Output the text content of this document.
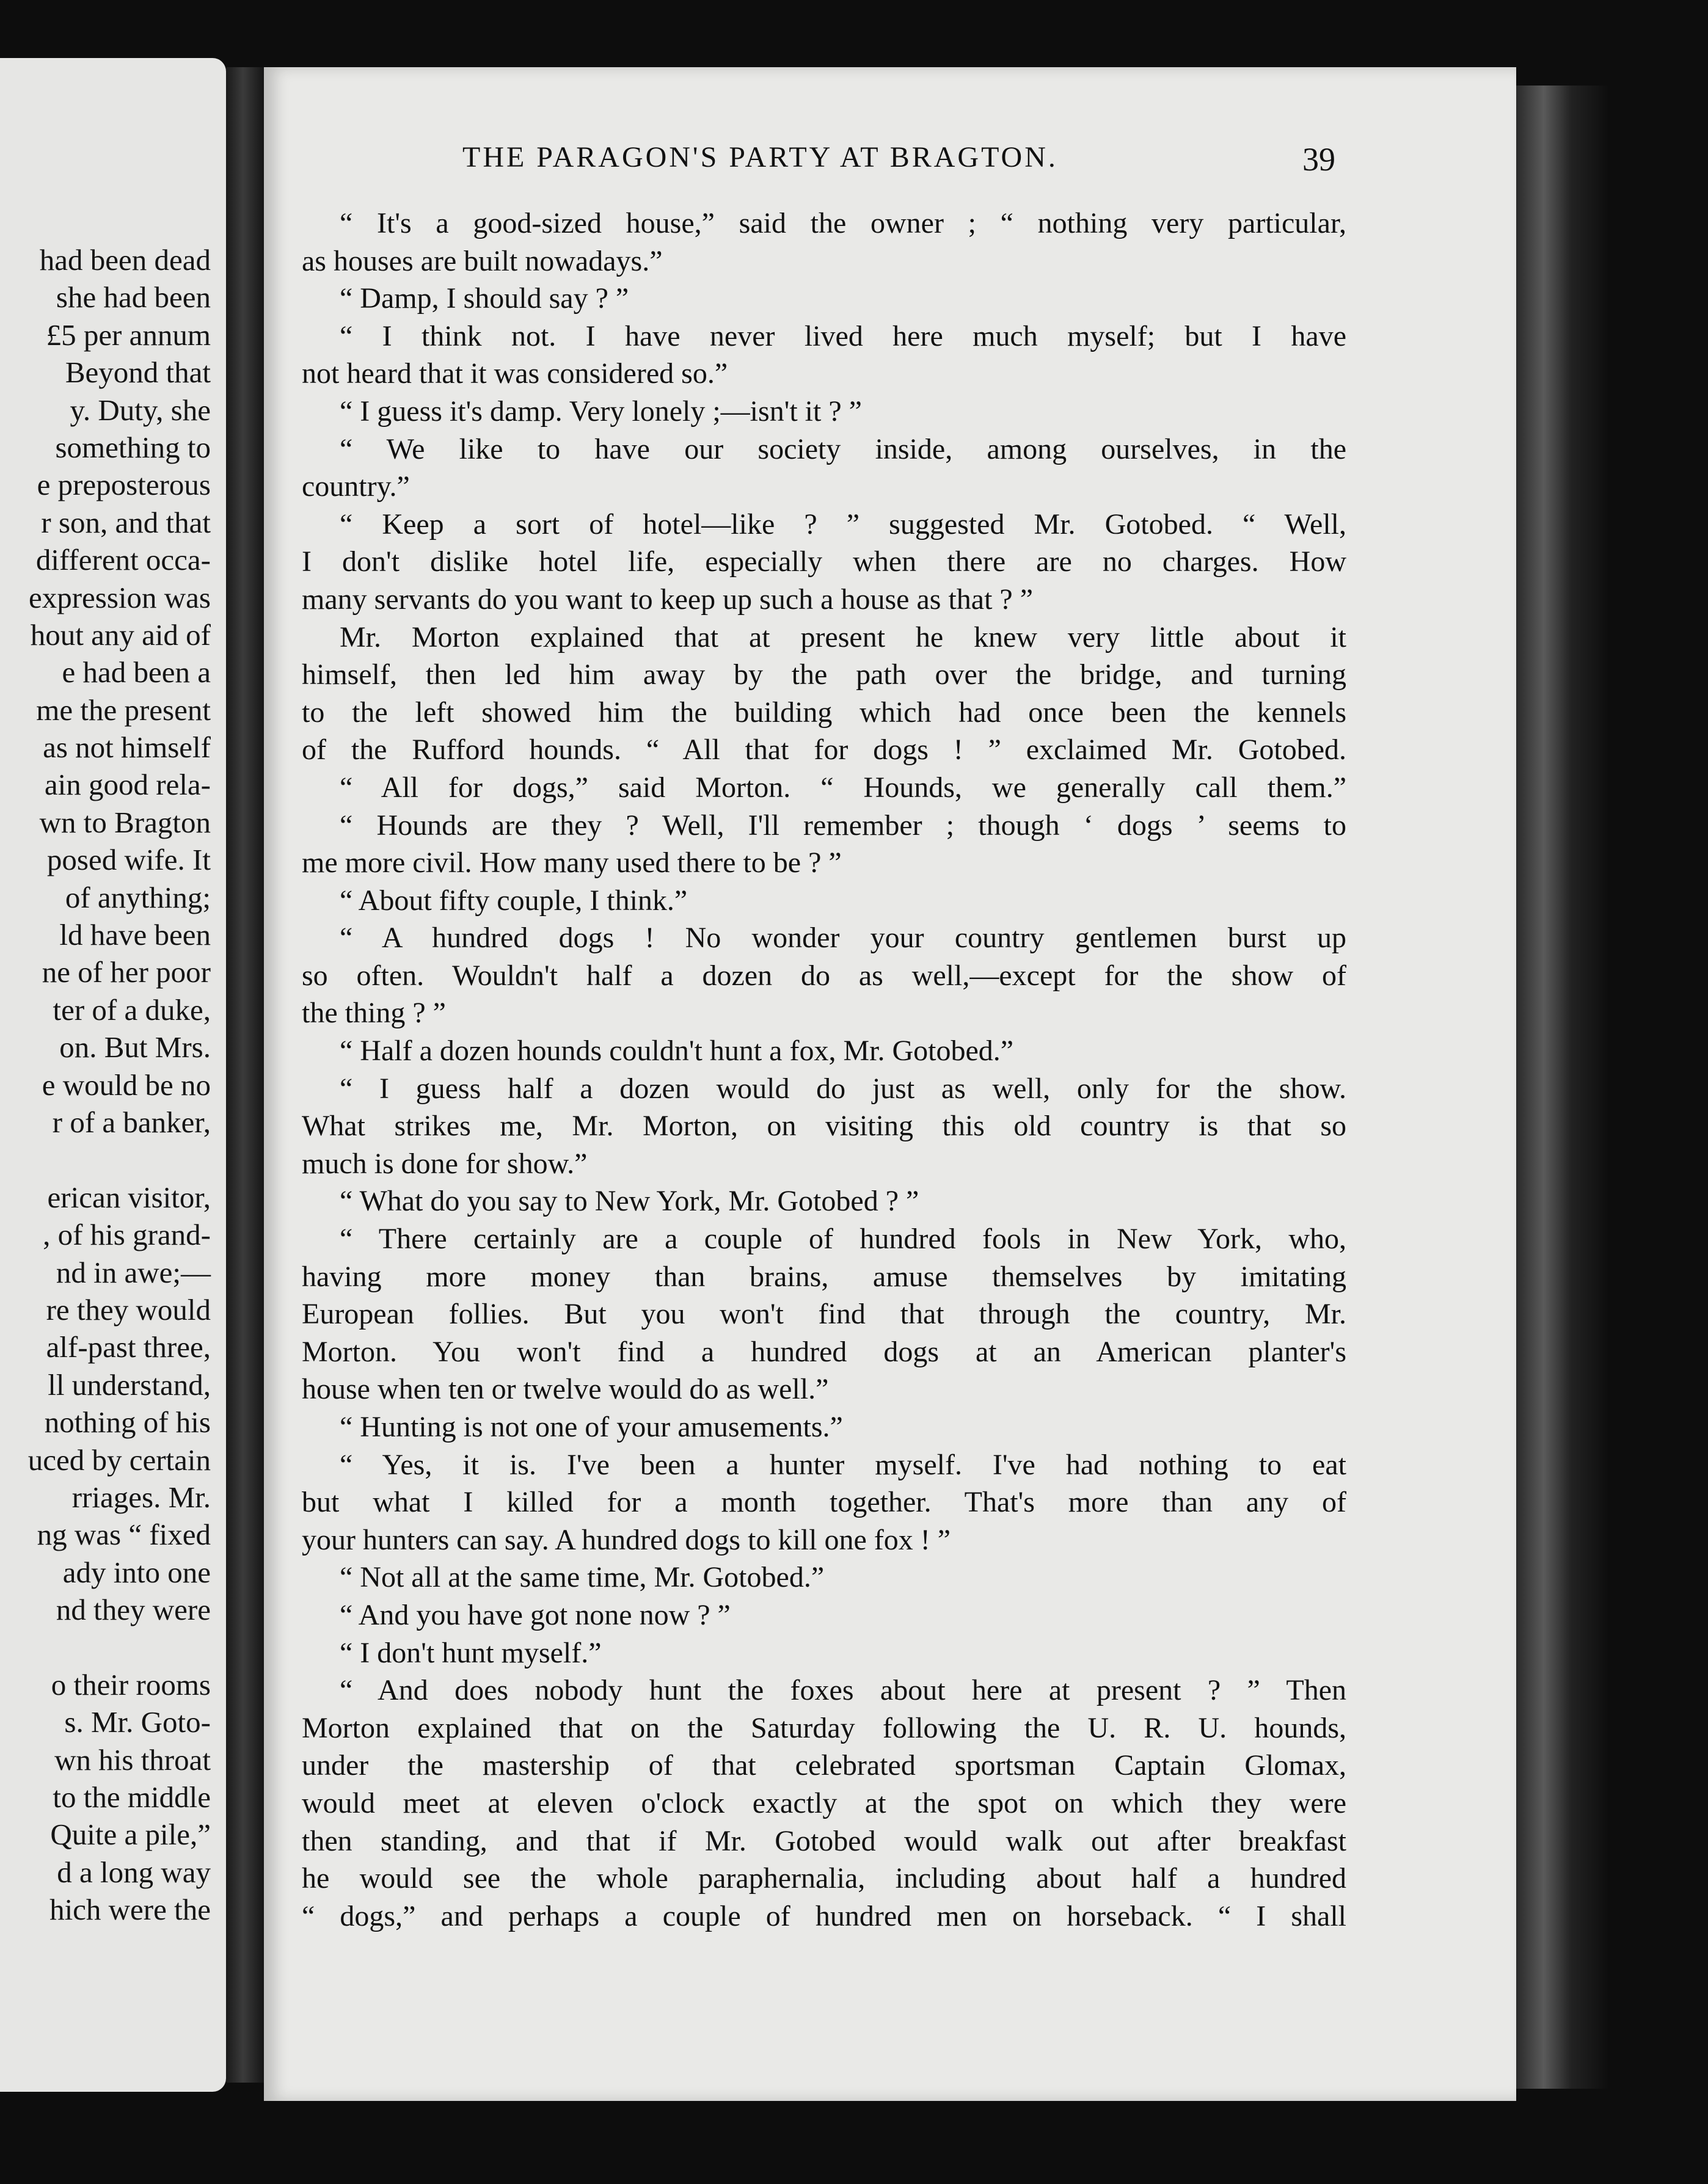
had been dead
she had been
£5 per annum
Beyond that
y. Duty, she
something to
e preposterous
r son, and that
different occa-
expression was
hout any aid of
e had been a
me the present
as not himself
ain good rela-
wn to Bragton
posed wife. It
of anything;
ld have been
ne of her poor
ter of a duke,
on. But Mrs.
e would be no
r of a banker,
erican visitor,
, of his grand-
nd in awe;—
re they would
alf-past three,
ll understand,
nothing of his
uced by certain
rriages. Mr.
ng was “ fixed
ady into one
nd they were
o their rooms
s. Mr. Goto-
wn his throat
to the middle
Quite a pile,”
d a long way
hich were the
THE PARAGON'S PARTY AT BRAGTON.	39
“ It's a good-sized house,” said the owner ; “ nothing very particular,
as houses are built nowadays.”
“ Damp, I should say ? ”
“ I think not. I have never lived here much myself; but I have
not heard that it was considered so.”
“ I guess it's damp. Very lonely ;—isn't it ? ”
“ We like to have our society inside, among ourselves, in the
country.”
“ Keep a sort of hotel—like ? ” suggested Mr. Gotobed. “ Well,
I don't dislike hotel life, especially when there are no charges. How
many servants do you want to keep up such a house as that ? ”
Mr. Morton explained that at present he knew very little about it
himself, then led him away by the path over the bridge, and turning
to the left showed him the building which had once been the kennels
of the Rufford hounds. “ All that for dogs ! ” exclaimed Mr. Gotobed.
“ All for dogs,” said Morton. “ Hounds, we generally call them.”
“ Hounds are they ? Well, I'll remember ; though ‘ dogs ’ seems to
me more civil. How many used there to be ? ”
“ About fifty couple, I think.”
“ A hundred dogs ! No wonder your country gentlemen burst up
so often. Wouldn't half a dozen do as well,—except for the show of
the thing ? ”
“ Half a dozen hounds couldn't hunt a fox, Mr. Gotobed.”
“ I guess half a dozen would do just as well, only for the show.
What strikes me, Mr. Morton, on visiting this old country is that so
much is done for show.”
“ What do you say to New York, Mr. Gotobed ? ”
“ There certainly are a couple of hundred fools in New York, who,
having more money than brains, amuse themselves by imitating
European follies. But you won't find that through the country, Mr.
Morton. You won't find a hundred dogs at an American planter's
house when ten or twelve would do as well.”
“ Hunting is not one of your amusements.”
“ Yes, it is. I've been a hunter myself. I've had nothing to eat
but what I killed for a month together. That's more than any of
your hunters can say. A hundred dogs to kill one fox ! ”
“ Not all at the same time, Mr. Gotobed.”
“ And you have got none now ? ”
“ I don't hunt myself.”
“ And does nobody hunt the foxes about here at present ? ” Then
Morton explained that on the Saturday following the U. R. U. hounds,
under the mastership of that celebrated sportsman Captain Glomax,
would meet at eleven o'clock exactly at the spot on which they were
then standing, and that if Mr. Gotobed would walk out after breakfast
he would see the whole paraphernalia, including about half a hundred
“ dogs,” and perhaps a couple of hundred men on horseback. “ I shall
